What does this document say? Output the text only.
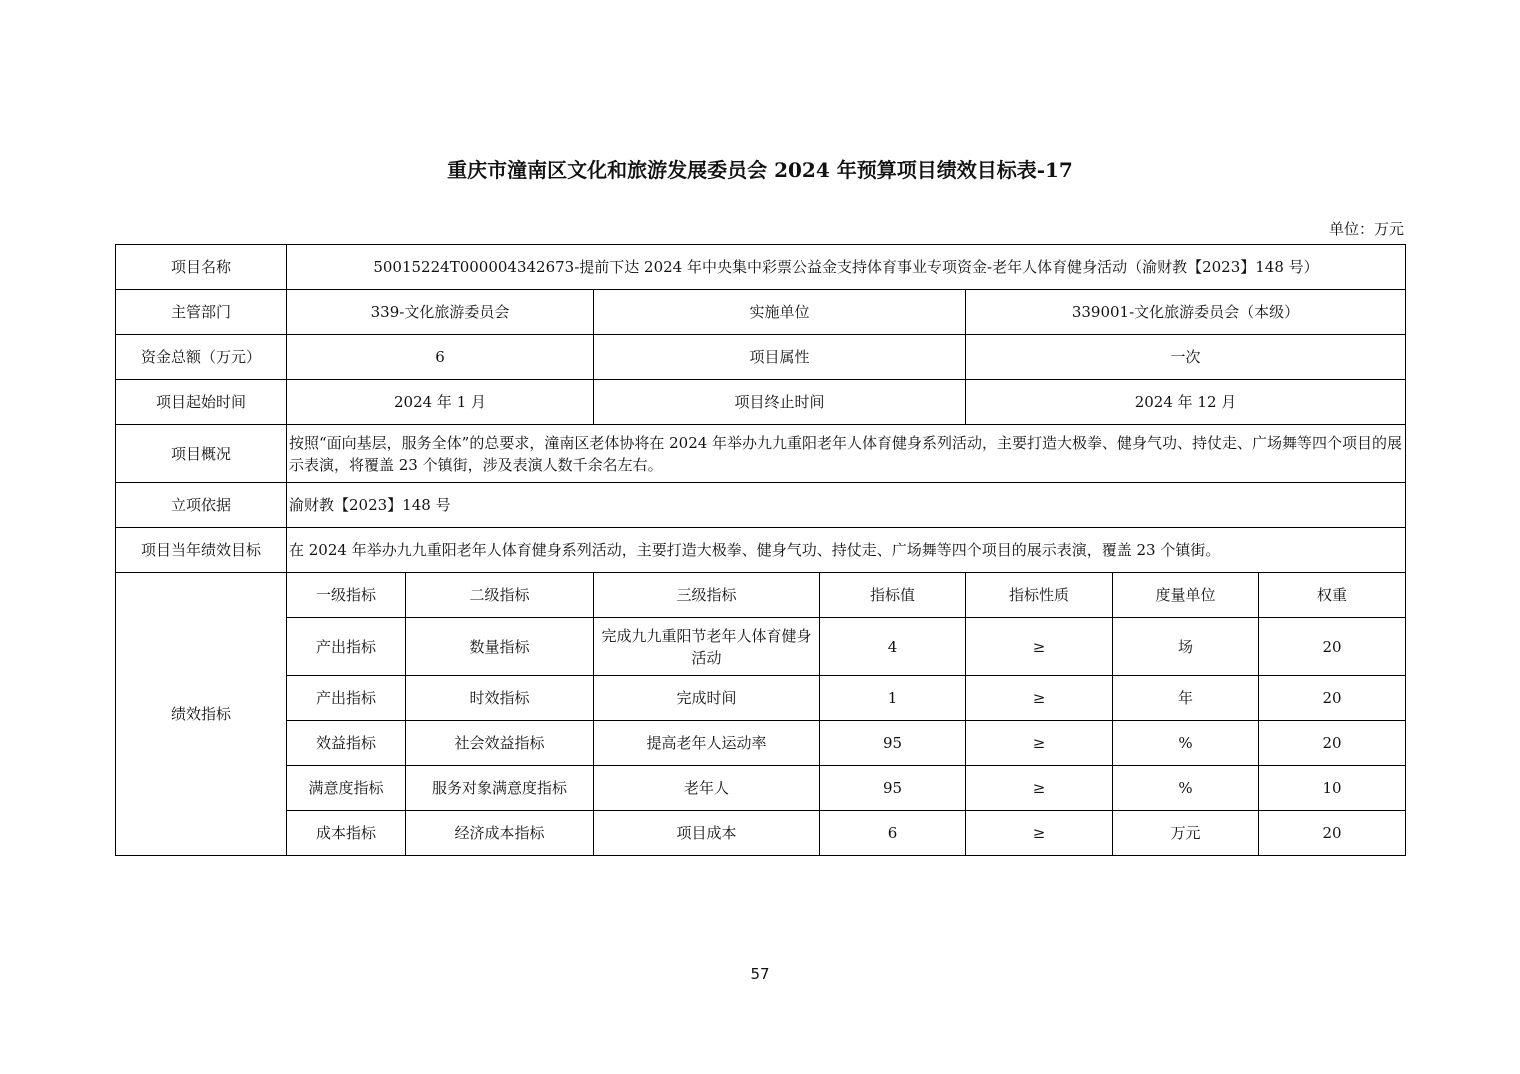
重庆市潼南区文化和旅游发展委员会 2024 年预算项目绩效目标表-17
单位：万元
项目名称	50015224T000004342673-提前下达 2024 年中央集中彩票公益金支持体育事业专项资金-老年人体育健身活动（渝财教【2023】148 号）						
主管部门	339-文化旅游委员会		实施单位		339001-文化旅游委员会（本级）		
资金总额（万元）	6		项目属性		一次		
项目起始时间	2024 年 1 月		项目终止时间		2024 年 12 月		
项目概况	按照“面向基层，服务全体”的总要求，潼南区老体协将在 2024 年举办九九重阳老年人体育健身系列活动，主要打造大极拳、健身气功、持仗走、广场舞等四个项目的展示表演，将覆盖 23 个镇街，涉及表演人数千余名左右。						
立项依据	渝财教【2023】148 号						
项目当年绩效目标	在 2024 年举办九九重阳老年人体育健身系列活动，主要打造大极拳、健身气功、持仗走、广场舞等四个项目的展示表演，覆盖 23 个镇街。						
绩效指标	一级指标	二级指标	三级指标	指标值	指标性质	度量单位	权重
	产出指标	数量指标	完成九九重阳节老年人体育健身活动	4	≥	场	20
	产出指标	时效指标	完成时间	1	≥	年	20
	效益指标	社会效益指标	提高老年人运动率	95	≥	%	20
	满意度指标	服务对象满意度指标	老年人	95	≥	%	10
	成本指标	经济成本指标	项目成本	6	≥	万元	20
57
